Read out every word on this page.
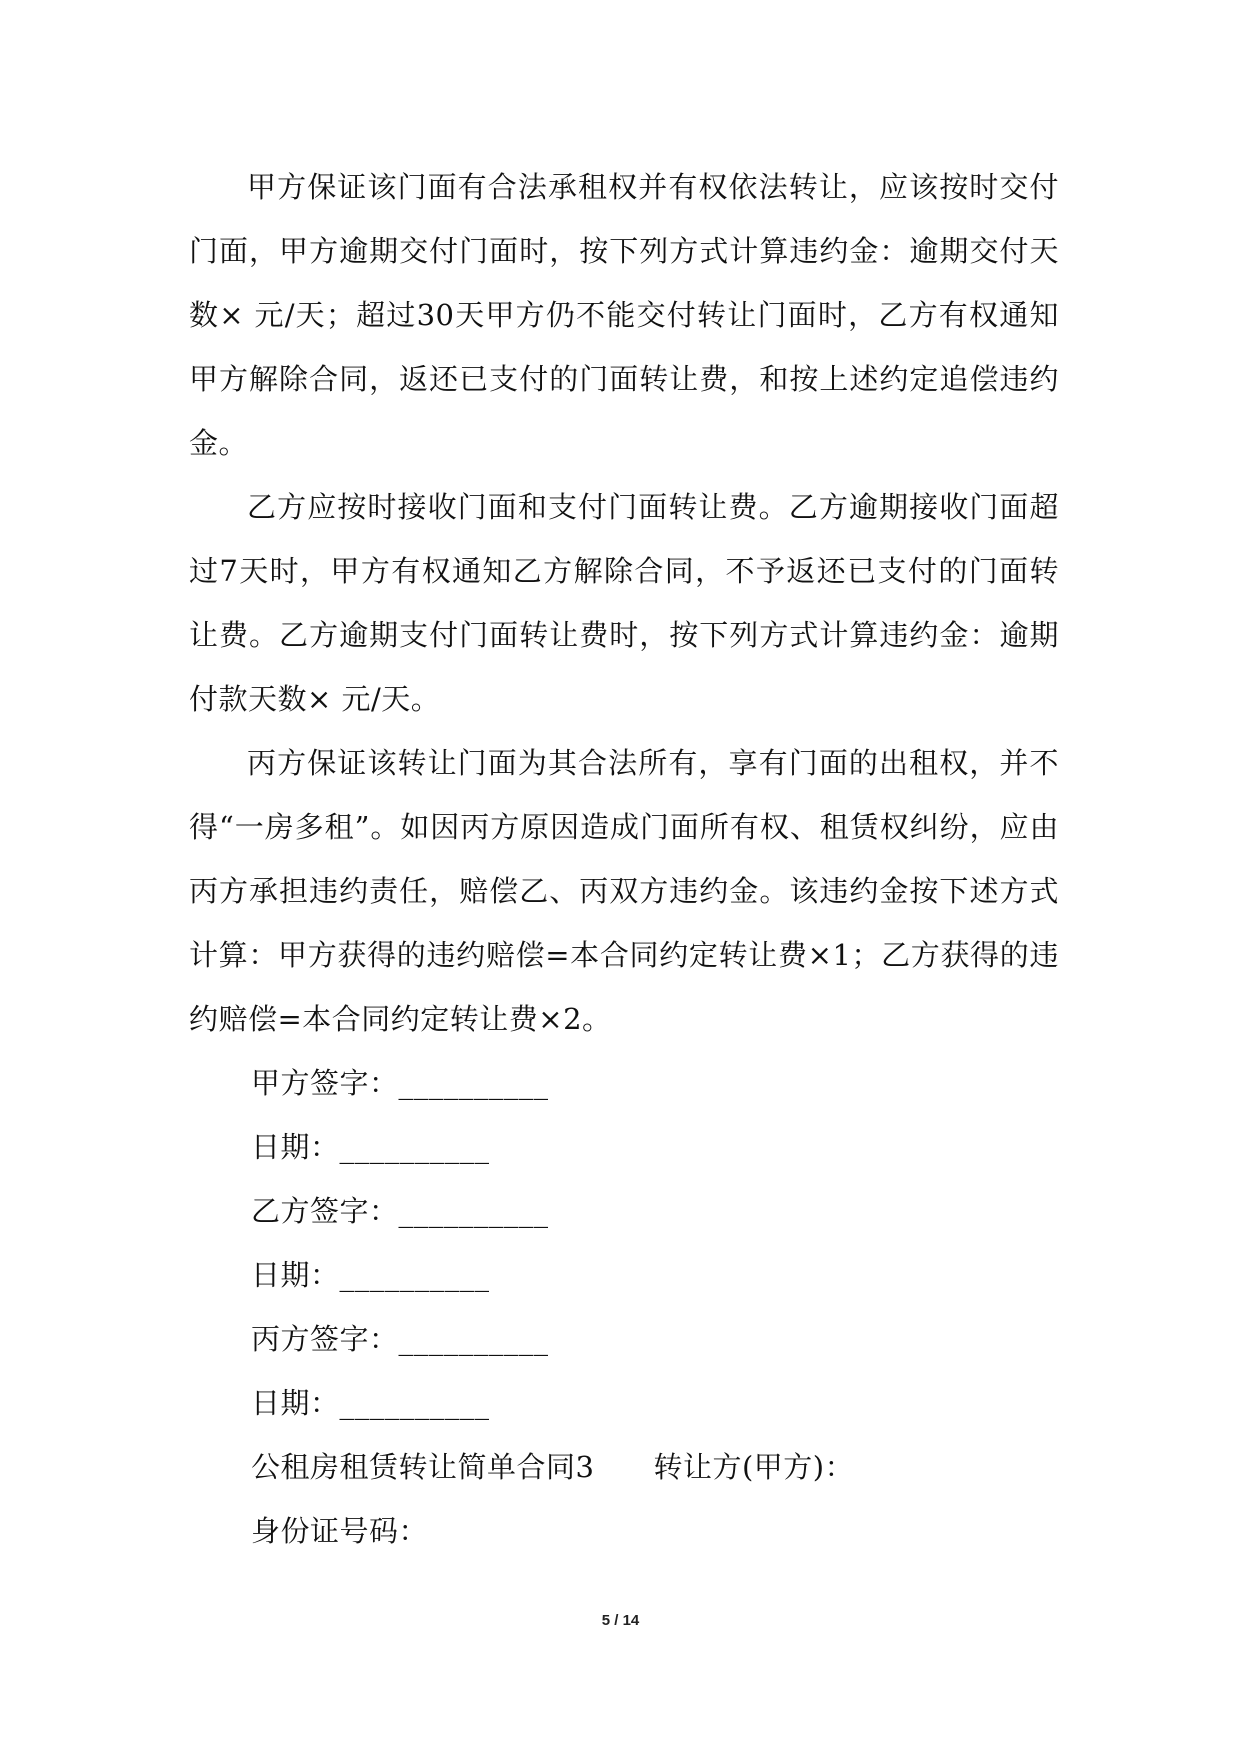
甲方保证该门面有合法承租权并有权依法转让，应该按时交付门面，甲方逾期交付门面时，按下列方式计算违约金：逾期交付天数× 元/天；超过30天甲方仍不能交付转让门面时，乙方有权通知甲方解除合同，返还已支付的门面转让费，和按上述约定追偿违约金。

乙方应按时接收门面和支付门面转让费。乙方逾期接收门面超过7天时，甲方有权通知乙方解除合同，不予返还已支付的门面转让费。乙方逾期支付门面转让费时，按下列方式计算违约金：逾期付款天数× 元/天。

丙方保证该转让门面为其合法所有，享有门面的出租权，并不得“一房多租”。如因丙方原因造成门面所有权、租赁权纠纷，应由丙方承担违约责任，赔偿乙、丙双方违约金。该违约金按下述方式计算：甲方获得的违约赔偿=本合同约定转让费×1；乙方获得的违约赔偿=本合同约定转让费×2。

甲方签字：__________

日期：__________

乙方签字：__________

日期：__________

丙方签字：__________

日期：__________

公租房租赁转让简单合同3　　转让方(甲方)：

身份证号码：

5 / 14
